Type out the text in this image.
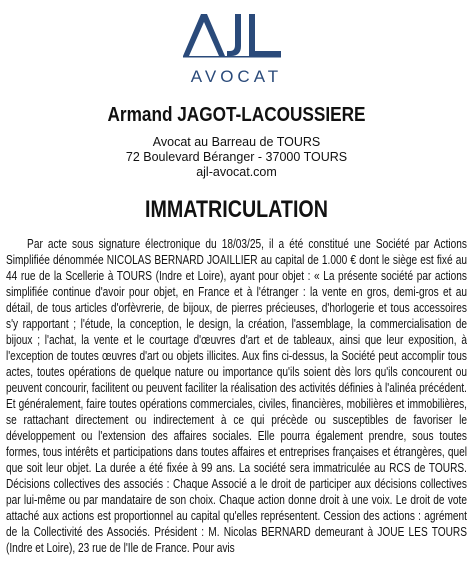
AVOCAT
Armand JAGOT-LACOUSSIERE
Avocat au Barreau de TOURS
72 Boulevard Béranger - 37000 TOURS
ajl-avocat.com
IMMATRICULATION
Par acte sous signature électronique du 18/03/25, il a été constitué une Société par Actions Simplifiée dénommée NICOLAS BERNARD JOAILLIER au capital de 1.000 € dont le siège est fixé au 44 rue de la Scellerie à TOURS (Indre et Loire), ayant pour objet : « La présente société par actions simplifiée continue d'avoir pour objet, en France et à l'étranger : la vente en gros, demi-gros et au détail, de tous articles d'orfèvrerie, de bijoux, de pierres précieuses, d'horlogerie et tous accessoires s'y rapportant ; l'étude, la conception, le design, la création, l'assemblage, la commercialisation de bijoux ; l'achat, la vente et le courtage d'œuvres d'art et de tableaux, ainsi que leur exposition, à l'exception de toutes œuvres d'art ou objets illicites. Aux fins ci-dessus, la Société peut accomplir tous actes, toutes opérations de quelque nature ou importance qu'ils soient dès lors qu'ils concourent ou peuvent concourir, facilitent ou peuvent faciliter la réalisation des activités définies à l'alinéa précédent. Et généralement, faire toutes opérations commerciales, civiles, financières, mobilières et immobilières, se rattachant directement ou indirectement à ce qui précède ou susceptibles de favoriser le développement ou l'extension des affaires sociales. Elle pourra également prendre, sous toutes formes, tous intérêts et participations dans toutes affaires et entreprises françaises et étrangères, quel que soit leur objet. La durée a été fixée à 99 ans. La société sera immatriculée au RCS de TOURS. Décisions collectives des associés : Chaque Associé a le droit de participer aux décisions collectives par lui-même ou par mandataire de son choix. Chaque action donne droit à une voix. Le droit de vote attaché aux actions est proportionnel au capital qu'elles représentent. Cession des actions : agrément de la Collectivité des Associés. Président : M. Nicolas BERNARD demeurant à JOUE LES TOURS (Indre et Loire), 23 rue de l'Ile de France. Pour avis
